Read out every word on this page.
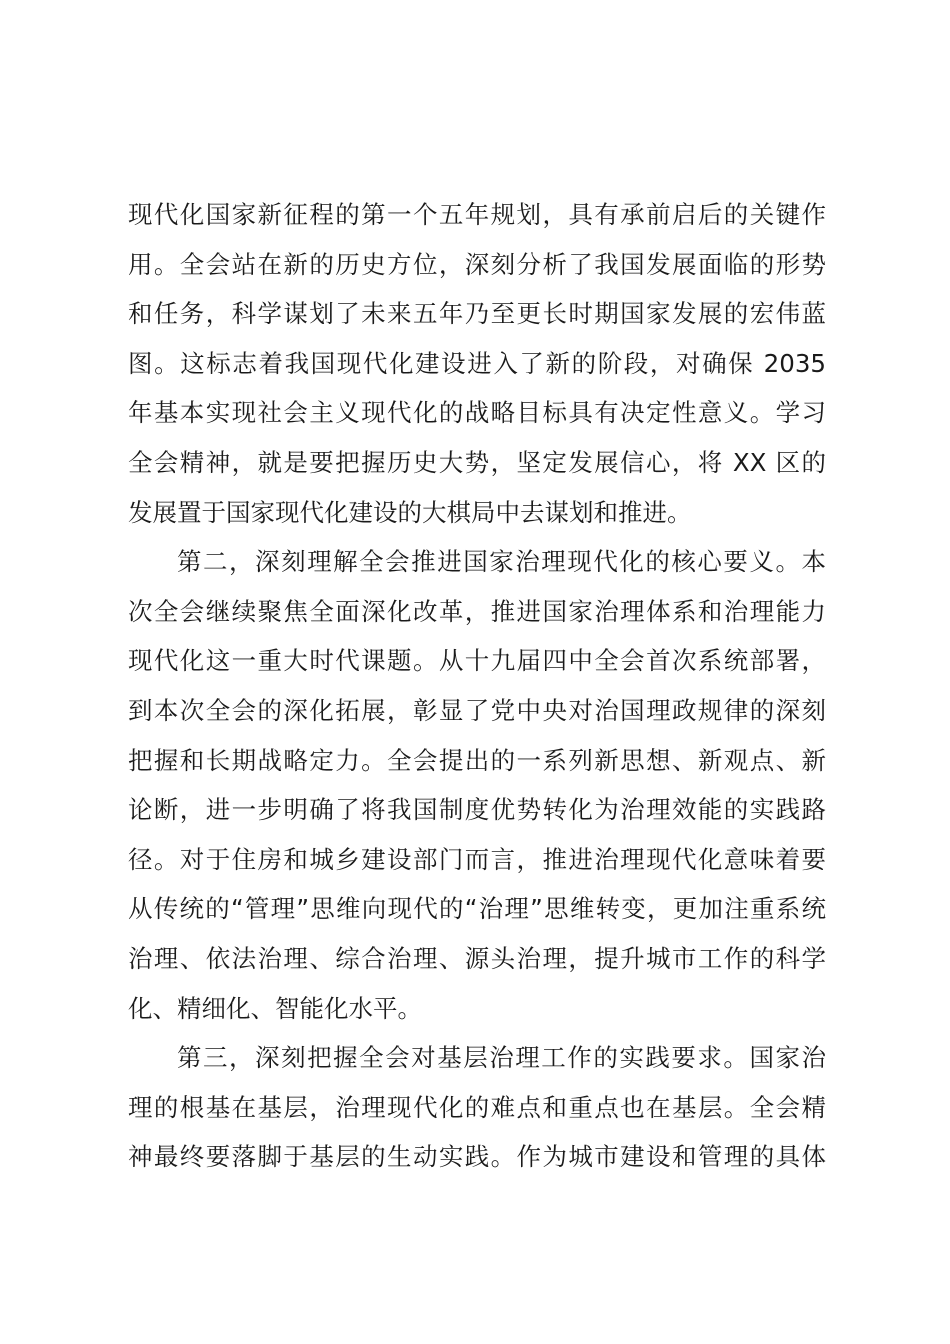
现代化国家新征程的第一个五年规划，具有承前启后的关键作
用。全会站在新的历史方位，深刻分析了我国发展面临的形势
和任务，科学谋划了未来五年乃至更长时期国家发展的宏伟蓝
图。这标志着我国现代化建设进入了新的阶段，对确保 2035
年基本实现社会主义现代化的战略目标具有决定性意义。学习
全会精神，就是要把握历史大势，坚定发展信心，将 XX 区的
发展置于国家现代化建设的大棋局中去谋划和推进。
第二，深刻理解全会推进国家治理现代化的核心要义。本
次全会继续聚焦全面深化改革，推进国家治理体系和治理能力
现代化这一重大时代课题。从十九届四中全会首次系统部署，
到本次全会的深化拓展，彰显了党中央对治国理政规律的深刻
把握和长期战略定力。全会提出的一系列新思想、新观点、新
论断，进一步明确了将我国制度优势转化为治理效能的实践路
径。对于住房和城乡建设部门而言，推进治理现代化意味着要
从传统的“管理”思维向现代的“治理”思维转变，更加注重系统
治理、依法治理、综合治理、源头治理，提升城市工作的科学
化、精细化、智能化水平。
第三，深刻把握全会对基层治理工作的实践要求。国家治
理的根基在基层，治理现代化的难点和重点也在基层。全会精
神最终要落脚于基层的生动实践。作为城市建设和管理的具体
